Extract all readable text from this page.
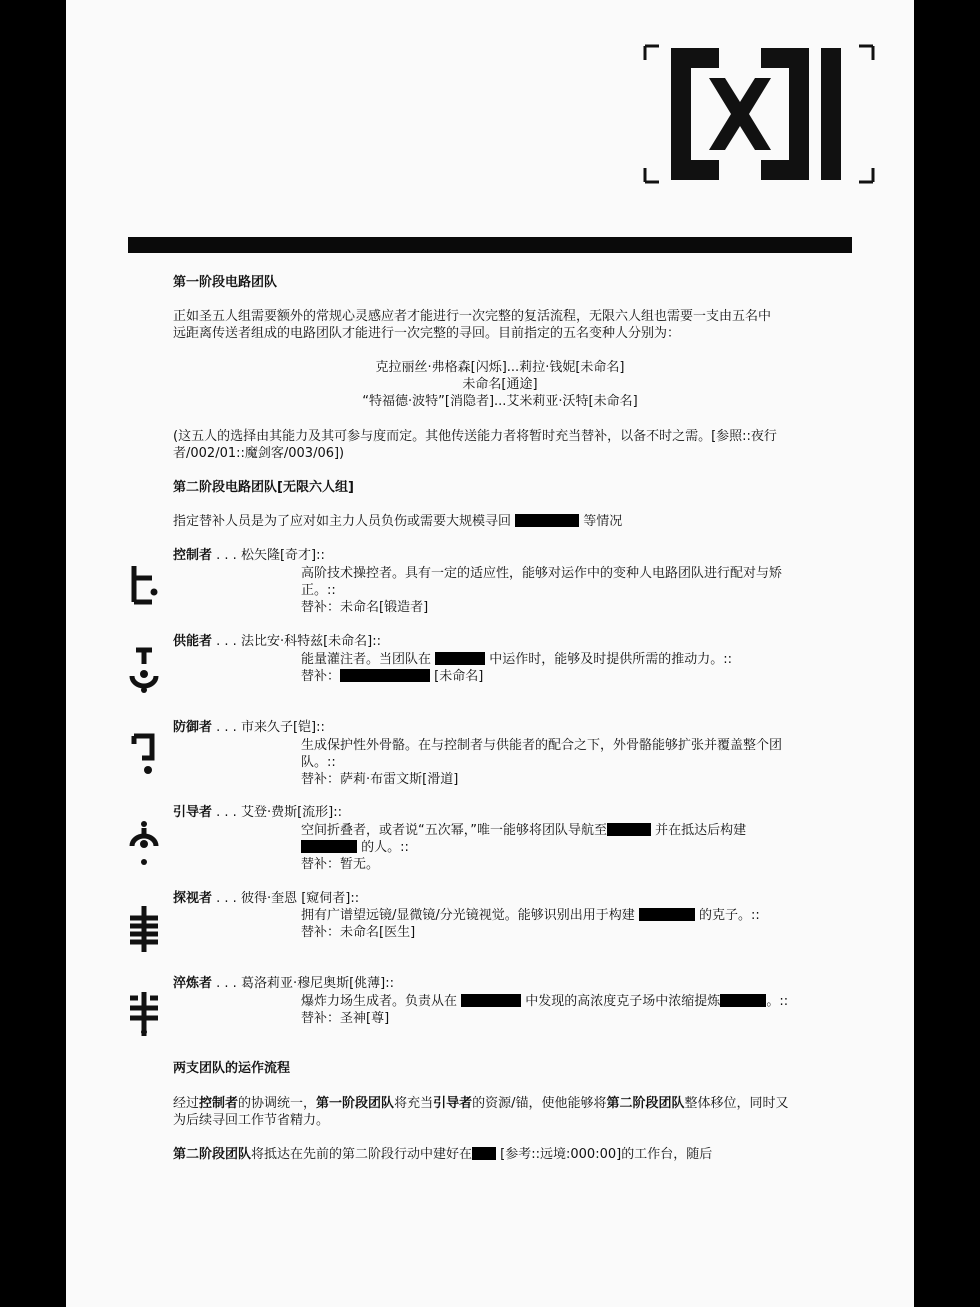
第一阶段电路团队
正如圣五人组需要额外的常规心灵感应者才能进行一次完整的复活流程，无限六人组也需要一支由五名中
远距离传送者组成的电路团队才能进行一次完整的寻回。目前指定的五名变种人分别为：
克拉丽丝·弗格森[闪烁]...莉拉·钱妮[未命名]
未命名[通途]
“特福德·波特”[消隐者]...艾米莉亚·沃特[未命名]
(这五人的选择由其能力及其可参与度而定。其他传送能力者将暂时充当替补，以备不时之需。[参照::夜行
者/002/01::魔剑客/003/06])
第二阶段电路团队[无限六人组]
指定替补人员是为了应对如主力人员负伤或需要大规模寻回	等情况
控制者 . . . 松矢隆[奇才]::
高阶技术操控者。具有一定的适应性，能够对运作中的变种人电路团队进行配对与矫
正。::
替补：未命名[锻造者]
供能者 . . . 法比安·科特兹[未命名]::
能量灌注者。当团队在	中运作时，能够及时提供所需的推动力。::
替补：	[未命名]
防御者 . . . 市来久子[铠]::
生成保护性外骨骼。在与控制者与供能者的配合之下，外骨骼能够扩张并覆盖整个团
队。::
替补：萨莉·布雷文斯[滑道]
引导者 . . . 艾登·费斯[流形]::
空间折叠者，或者说“五次幂，”唯一能够将团队导航至	并在抵达后构建
的人。::
替补：暂无。
探视者 . . . 彼得·奎恩 [窥伺者]::
拥有广谱望远镜/显微镜/分光镜视觉。能够识别出用于构建	的克子。::
替补：未命名[医生]
淬炼者 . . . 葛洛莉亚·穆尼奥斯[佻薄]::
爆炸力场生成者。负责从在	中发现的高浓度克子场中浓缩提炼	。::
替补：圣神[尊]
两支团队的运作流程
经过控制者的协调统一，第一阶段团队将充当引导者的资源/锚，使他能够将第二阶段团队整体移位，同时又
为后续寻回工作节省精力。
第二阶段团队将抵达在先前的第二阶段行动中建好在 [参考::远境:000:00]的工作台，随后
